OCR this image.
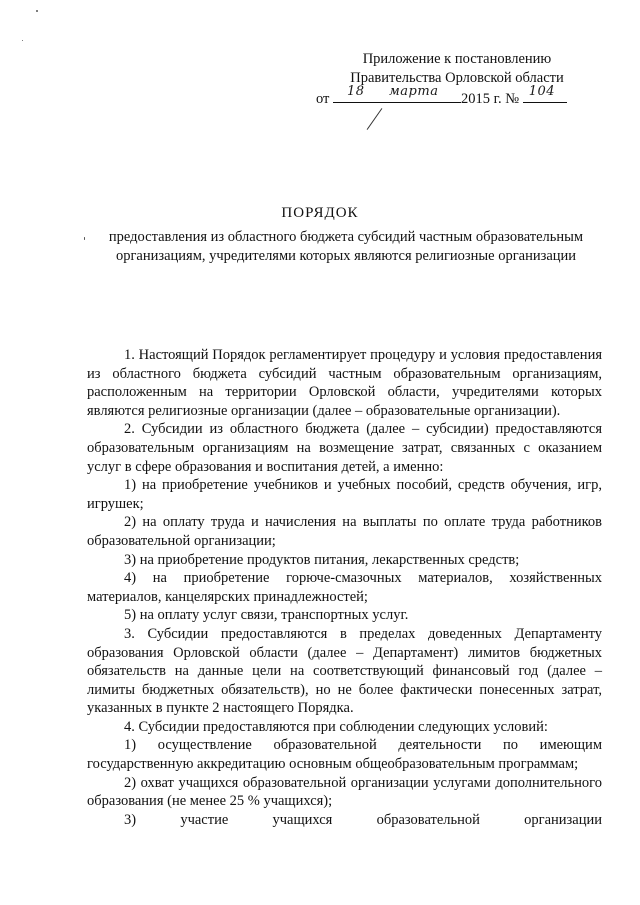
Приложение к постановлению
Правительства Орловской области
от 18 марта 2015 г. № 104
ПОРЯДОК
предоставления из областного бюджета субсидий частным образовательным организациям, учредителями которых являются религиозные организации

1. Настоящий Порядок регламентирует процедуру и условия предоставления из областного бюджета субсидий частным образовательным организациям, расположенным на территории Орловской области, учредителями которых являются религиозные организации (далее – образовательные организации).

2. Субсидии из областного бюджета (далее – субсидии) предоставляются образовательным организациям на возмещение затрат, связанных с оказанием услуг в сфере образования и воспитания детей, а именно:

1) на приобретение учебников и учебных пособий, средств обучения, игр, игрушек;

2) на оплату труда и начисления на выплаты по оплате труда работников образовательной организации;

3) на приобретение продуктов питания, лекарственных средств;

4) на приобретение горюче-смазочных материалов, хозяйственных материалов, канцелярских принадлежностей;

5) на оплату услуг связи, транспортных услуг.

3. Субсидии предоставляются в пределах доведенных Департаменту образования Орловской области (далее – Департамент) лимитов бюджетных обязательств на данные цели на соответствующий финансовый год (далее – лимиты бюджетных обязательств), но не более фактически понесенных затрат, указанных в пункте 2 настоящего Порядка.

4. Субсидии предоставляются при соблюдении следующих условий:

1) осуществление образовательной деятельности по имеющим государственную аккредитацию основным общеобразовательным программам;

2) охват учащихся образовательной организации услугами дополнительного образования (не менее 25 % учащихся);

3) участие учащихся образовательной организации
